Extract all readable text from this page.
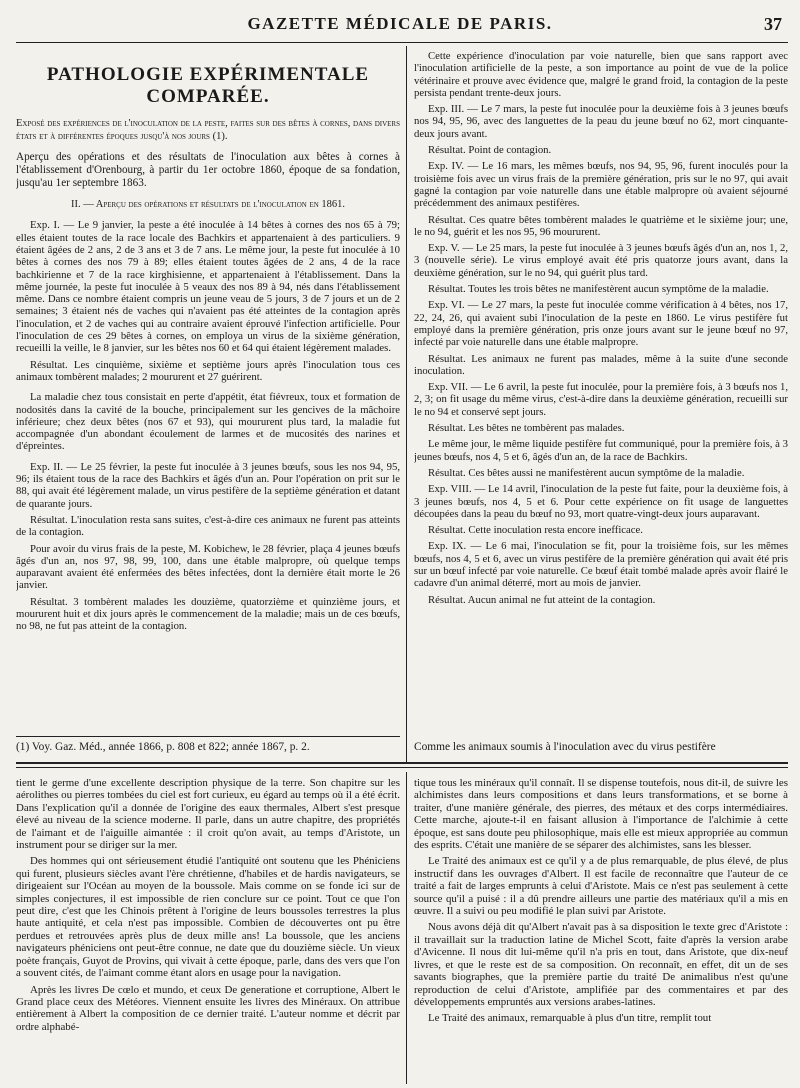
GAZETTE MÉDICALE DE PARIS.	37
PATHOLOGIE EXPÉRIMENTALE COMPARÉE.
Exposé des expériences de l'inoculation de la peste, faites sur des bêtes à cornes, dans divers états et à différentes époques jusqu'à nos jours (1).
Aperçu des opérations et des résultats de l'inoculation aux bêtes à cornes à l'établissement d'Orenbourg, à partir du 1er octobre 1860, époque de sa fondation, jusqu'au 1er septembre 1863.
II. — Aperçu des opérations et résultats de l'inoculation en 1861.

Exp. I. — Le 9 janvier, la peste a été inoculée à 14 bêtes à cornes des nos 65 à 79; elles étaient toutes de la race locale des Bachkirs et appartenaient à des particuliers. 9 étaient âgées de 2 ans, 2 de 3 ans et 3 de 7 ans. Le même jour, la peste fut inoculée à 10 bêtes à cornes des nos 79 à 89; elles étaient toutes âgées de 2 ans, 4 de la race bachkirienne et 7 de la race kirghisienne, et appartenaient à l'établissement. Dans la même journée, la peste fut inoculée à 5 veaux des nos 89 à 94, nés dans l'établissement même. Dans ce nombre étaient compris un jeune veau de 5 jours, 3 de 7 jours et un de 2 semaines; 3 étaient nés de vaches qui n'avaient pas été atteintes de la contagion après l'inoculation, et 2 de vaches qui au contraire avaient éprouvé l'infection artificielle. Pour l'inoculation de ces 29 bêtes à cornes, on employa un virus de la sixième génération, recueilli la veille, le 8 janvier, sur les bêtes nos 60 et 64 qui étaient légèrement malades.

Résultat. Les cinquième, sixième et septième jours après l'inoculation tous ces animaux tombèrent malades; 2 moururent et 27 guérirent.

La maladie chez tous consistait en perte d'appétit, état fiévreux, toux et formation de nodosités dans la cavité de la bouche, principalement sur les gencives de la mâchoire inférieure; chez deux bêtes (nos 67 et 93), qui moururent plus tard, la maladie fut accompagnée d'un abondant écoulement de larmes et de mucosités des narines et d'épreintes.

Exp. II. — Le 25 février, la peste fut inoculée à 3 jeunes bœufs, sous les nos 94, 95, 96; ils étaient tous de la race des Bachkirs et âgés d'un an. Pour l'opération on prit sur le 88, qui avait été légèrement malade, un virus pestifère de la septième génération et datant de quarante jours.

Résultat. L'inoculation resta sans suites, c'est-à-dire ces animaux ne furent pas atteints de la contagion.

Pour avoir du virus frais de la peste, M. Kobichew, le 28 février, plaça 4 jeunes bœufs âgés d'un an, nos 97, 98, 99, 100, dans une étable malpropre, où quelque temps auparavant avaient été enfermées des bêtes infectées, dont la dernière était morte le 26 janvier.

Résultat. 3 tombèrent malades les douzième, quatorzième et quinzième jours, et moururent huit et dix jours après le commencement de la maladie; mais un de ces bœufs, no 98, ne fut pas atteint de la contagion.

Cette expérience d'inoculation par voie naturelle, bien que sans rapport avec l'inoculation artificielle de la peste, a son importance au point de vue de la police vétérinaire et prouve avec évidence que, malgré le grand froid, la contagion de la peste persista pendant trente-deux jours.

Exp. III. — Le 7 mars, la peste fut inoculée pour la deuxième fois à 3 jeunes bœufs nos 94, 95, 96, avec des languettes de la peau du jeune bœuf no 62, mort cinquante-deux jours avant.

Résultat. Point de contagion.

Exp. IV. — Le 16 mars, les mêmes bœufs, nos 94, 95, 96, furent inoculés pour la troisième fois avec un virus frais de la première génération, pris sur le no 97, qui avait gagné la contagion par voie naturelle dans une étable malpropre où avaient séjourné précédemment des animaux pestifères.

Résultat. Ces quatre bêtes tombèrent malades le quatrième et le sixième jour; une, le no 94, guérit et les nos 95, 96 moururent.

Exp. V. — Le 25 mars, la peste fut inoculée à 3 jeunes bœufs âgés d'un an, nos 1, 2, 3 (nouvelle série). Le virus employé avait été pris quatorze jours avant, dans la deuxième génération, sur le no 94, qui guérit plus tard.

Résultat. Toutes les trois bêtes ne manifestèrent aucun symptôme de la maladie.

Exp. VI. — Le 27 mars, la peste fut inoculée comme vérification à 4 bêtes, nos 17, 22, 24, 26, qui avaient subi l'inoculation de la peste en 1860. Le virus pestifère fut employé dans la première génération, pris onze jours avant sur le jeune bœuf no 97, infecté par voie naturelle dans une étable malpropre.

Résultat. Les animaux ne furent pas malades, même à la suite d'une seconde inoculation.

Exp. VII. — Le 6 avril, la peste fut inoculée, pour la première fois, à 3 bœufs nos 1, 2, 3; on fit usage du même virus, c'est-à-dire dans la deuxième génération, recueilli sur le no 94 et conservé sept jours.

Résultat. Les bêtes ne tombèrent pas malades.

Le même jour, le même liquide pestifère fut communiqué, pour la première fois, à 3 jeunes bœufs, nos 4, 5 et 6, âgés d'un an, de la race de Bachkirs.

Résultat. Ces bêtes aussi ne manifestèrent aucun symptôme de la maladie.

Exp. VIII. — Le 14 avril, l'inoculation de la peste fut faite, pour la deuxième fois, à 3 jeunes bœufs, nos 4, 5 et 6. Pour cette expérience on fit usage de languettes découpées dans la peau du bœuf no 93, mort quatre-vingt-deux jours auparavant.

Résultat. Cette inoculation resta encore inefficace.

Exp. IX. — Le 6 mai, l'inoculation se fit, pour la troisième fois, sur les mêmes bœufs, nos 4, 5 et 6, avec un virus pestifère de la première génération qui avait été pris sur un bœuf infecté par voie naturelle. Ce bœuf était tombé malade après avoir flairé le cadavre d'un animal déterré, mort au mois de janvier.

Résultat. Aucun animal ne fut atteint de la contagion.

(1) Voy. Gaz. Méd., année 1866, p. 808 et 822; année 1867, p. 2.	Comme les animaux soumis à l'inoculation avec du virus pestifère

tient le germe d'une excellente description physique de la terre. Son chapitre sur les aérolithes ou pierres tombées du ciel est fort curieux, eu égard au temps où il a été écrit. Dans l'explication qu'il a donnée de l'origine des eaux thermales, Albert s'est presque élevé au niveau de la science moderne. Il parle, dans un autre chapitre, des propriétés de l'aimant et de l'aiguille aimantée : il croit qu'on avait, au temps d'Aristote, un instrument pour se diriger sur la mer.

Des hommes qui ont sérieusement étudié l'antiquité ont soutenu que les Phéniciens qui furent, plusieurs siècles avant l'ère chrétienne, d'habiles et de hardis navigateurs, se dirigeaient sur l'Océan au moyen de la boussole. Mais comme on se fonde ici sur de simples conjectures, il est impossible de rien conclure sur ce point. Tout ce que l'on peut dire, c'est que les Chinois prêtent à l'origine de leurs boussoles terrestres la plus haute antiquité, et cela n'est pas impossible. Combien de découvertes ont pu être perdues et retrouvées après plus de deux mille ans! La boussole, que les anciens navigateurs phéniciens ont peut-être connue, ne date que du douzième siècle. Un vieux poète français, Guyot de Provins, qui vivait à cette époque, parle, dans des vers que l'on a souvent cités, de l'aimant comme étant alors en usage pour la navigation.

Après les livres De cœlo et mundo, et ceux De generatione et corruptione, Albert le Grand place ceux des Météores. Viennent ensuite les livres des Minéraux. On attribue entièrement à Albert la composition de ce dernier traité. L'auteur nomme et décrit par ordre alphabé-

tique tous les minéraux qu'il connaît. Il se dispense toutefois, nous dit-il, de suivre les alchimistes dans leurs compositions et dans leurs transformations, et se borne à traiter, d'une manière générale, des pierres, des métaux et des corps intermédiaires. Cette marche, ajoute-t-il en faisant allusion à l'importance de l'alchimie à cette époque, est sans doute peu philosophique, mais elle est mieux appropriée au commun des esprits. C'était une manière de se séparer des alchimistes, sans les blesser.

Le Traité des animaux est ce qu'il y a de plus remarquable, de plus élevé, de plus instructif dans les ouvrages d'Albert. Il est facile de reconnaître que l'auteur de ce traité a fait de larges emprunts à celui d'Aristote. Mais ce n'est pas seulement à cette source qu'il a puisé : il a dû prendre ailleurs une partie des matériaux qu'il a mis en œuvre. Il a suivi ou peu modifié le plan suivi par Aristote.

Nous avons déjà dit qu'Albert n'avait pas à sa disposition le texte grec d'Aristote : il travaillait sur la traduction latine de Michel Scott, faite d'après la version arabe d'Avicenne. Il nous dit lui-même qu'il n'a pris en tout, dans Aristote, que dix-neuf livres, et que le reste est de sa composition. On reconnaît, en effet, dit un de ses savants biographes, que la première partie du traité De animalibus n'est qu'une reproduction de celui d'Aristote, amplifiée par des commentaires et par des développements empruntés aux versions arabes-latines.

Le Traité des animaux, remarquable à plus d'un titre, remplit tout
